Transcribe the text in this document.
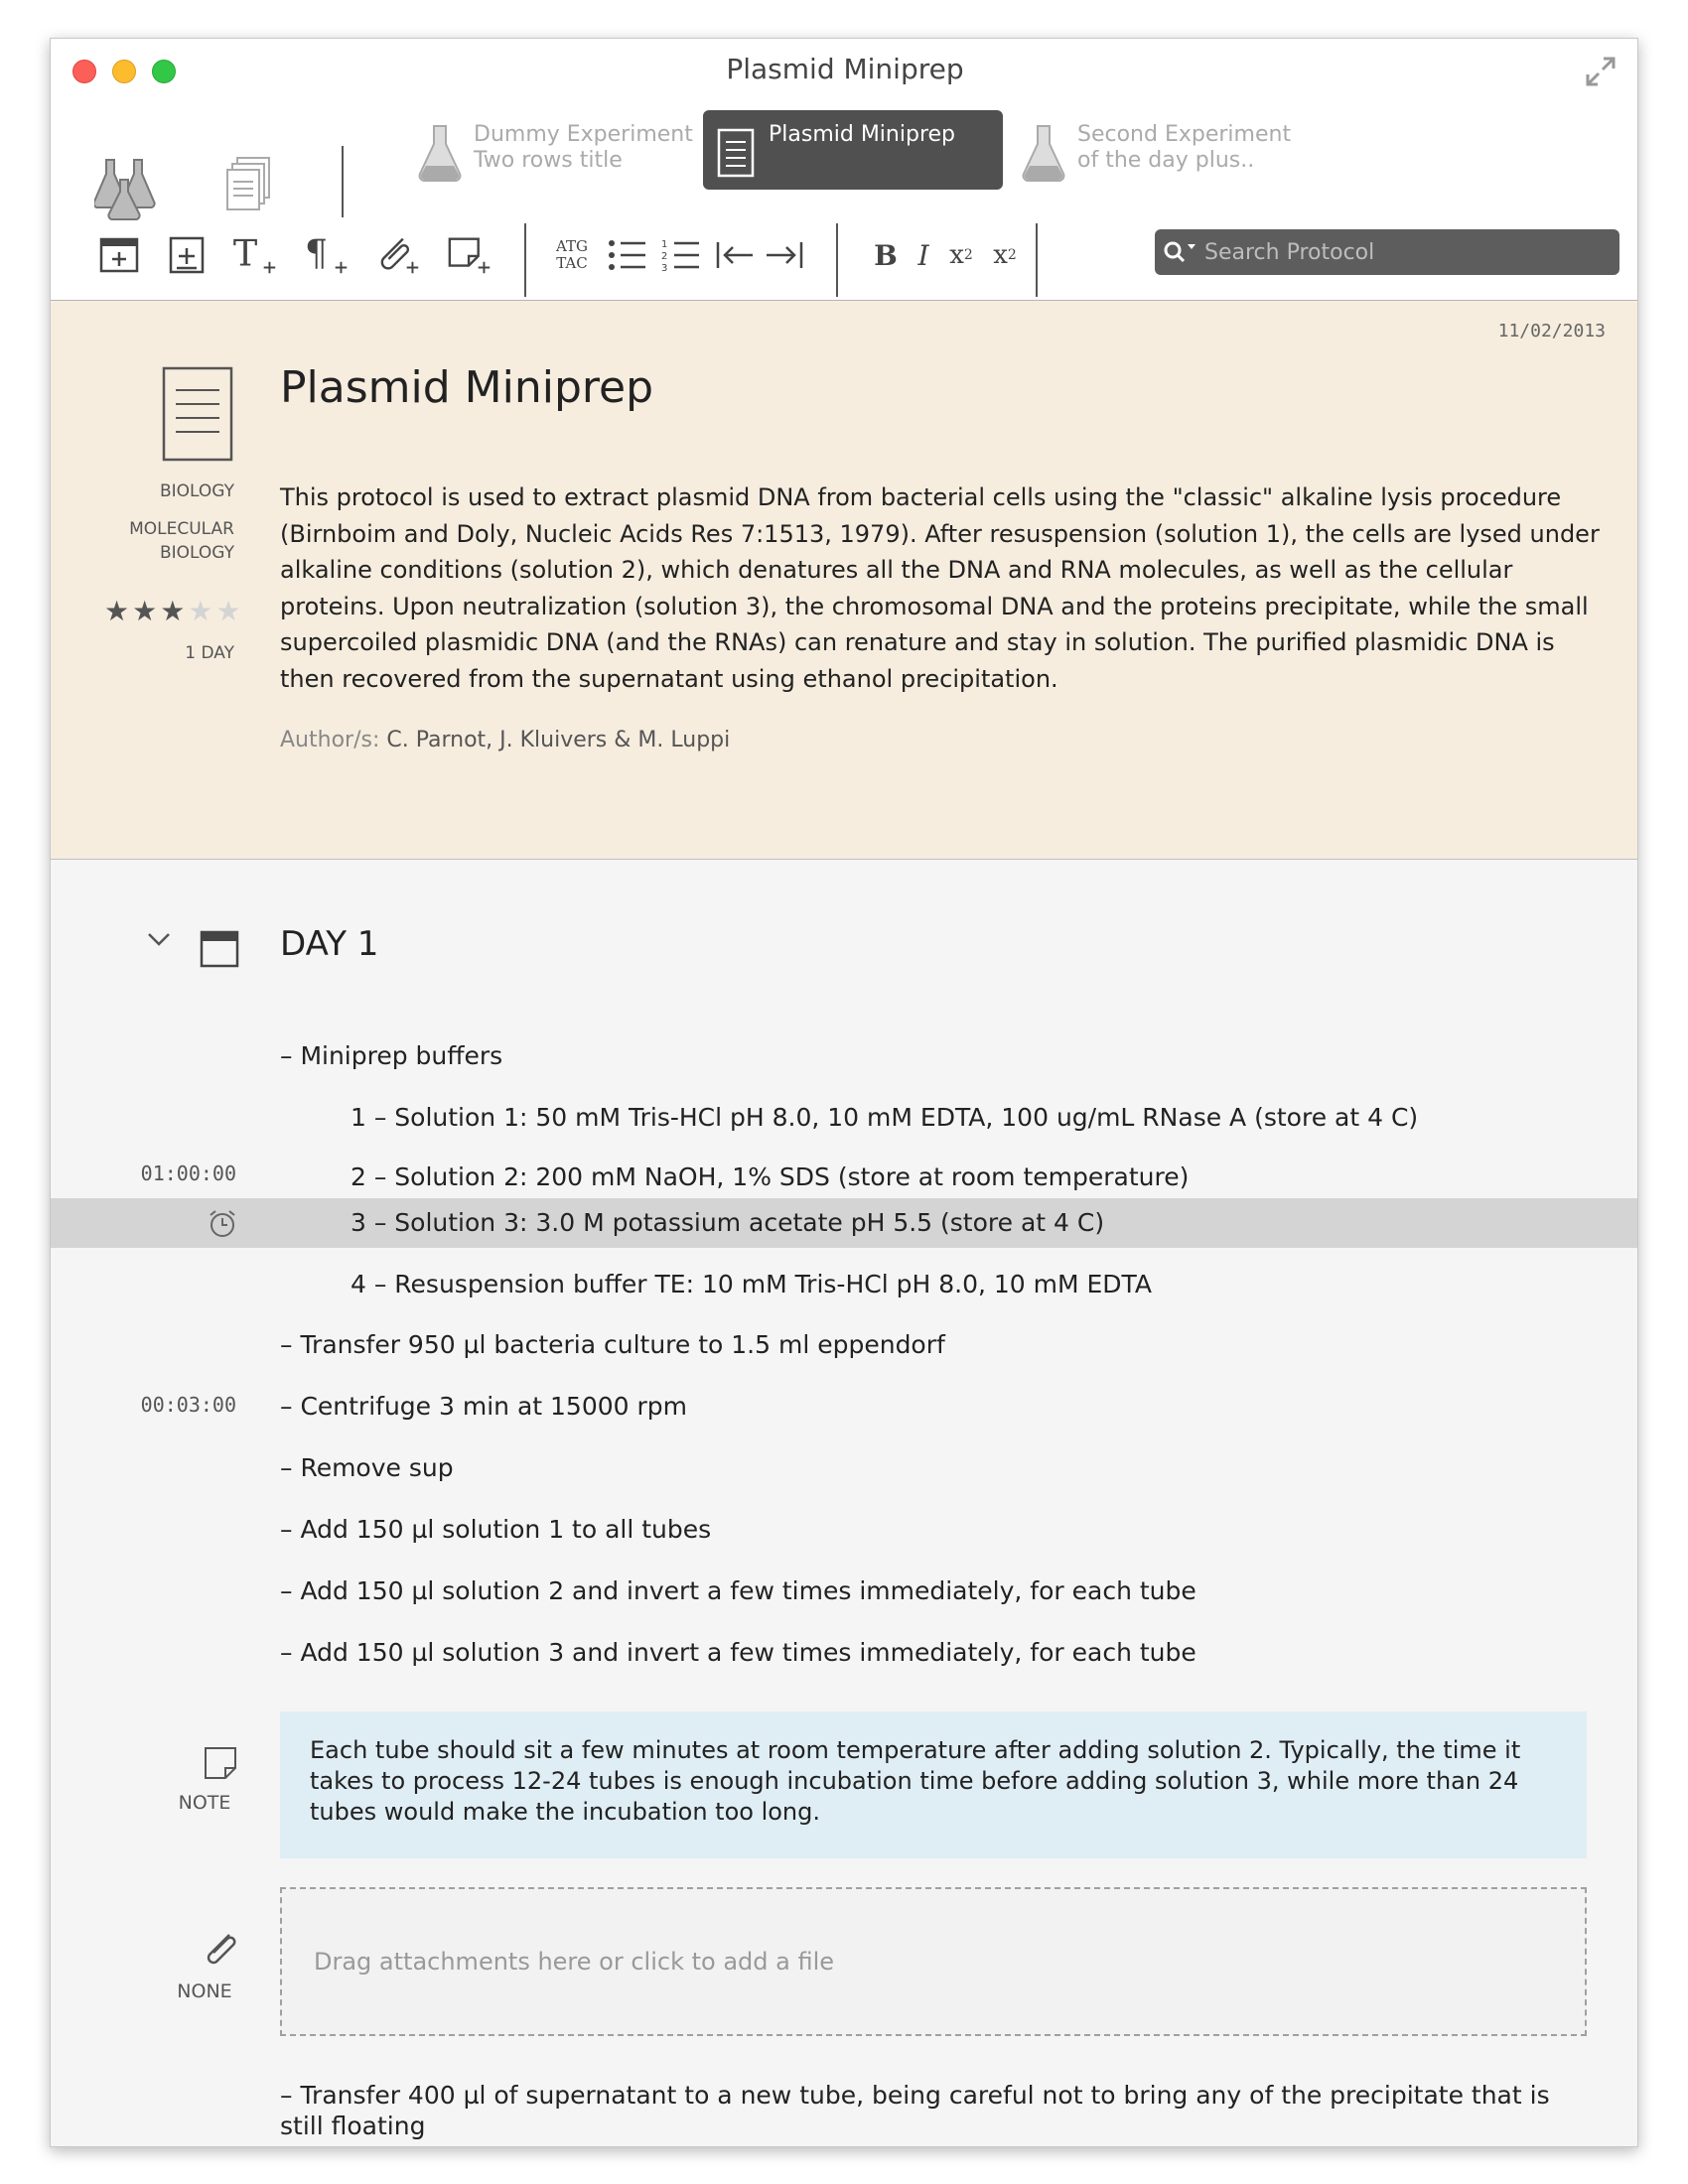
Plasmid Miniprep
Dummy Experiment
Two rows title
Plasmid Miniprep	Second Experiment
of the day plus..
T ¶	ATG
TAC
1
2
3	B I x 2 x 2
Search Protocol
11/02/2013
BIOLOGY
MOLECULAR
BIOLOGY
★★★★★
1 DAY
Plasmid Miniprep
This protocol is used to extract plasmid DNA from bacterial cells using the "classic" alkaline lysis procedure (Birnboim and Doly, Nucleic Acids Res 7:1513, 1979). After resuspension (solution 1), the cells are lysed under alkaline conditions (solution 2), which denatures all the DNA and RNA molecules, as well as the cellular proteins. Upon neutralization (solution 3), the chromosomal DNA and the proteins precipitate, while the small supercoiled plasmidic DNA (and the RNAs) can renature and stay in solution. The purified plasmidic DNA is then recovered from the supernatant using ethanol precipitation.
Author/s: C. Parnot, J. Kluivers & M. Luppi
DAY 1
– Miniprep buffers
1 – Solution 1: 50 mM Tris-HCl pH 8.0, 10 mM EDTA, 100 ug/mL RNase A (store at 4 C)
01:00:00	2 – Solution 2: 200 mM NaOH, 1% SDS (store at room temperature)
3 – Solution 3: 3.0 M potassium acetate pH 5.5 (store at 4 C)
4 – Resuspension buffer TE: 10 mM Tris-HCl pH 8.0, 10 mM EDTA
– Transfer 950 µl bacteria culture to 1.5 ml eppendorf
00:03:00 – Centrifuge 3 min at 15000 rpm
– Remove sup
– Add 150 µl solution 1 to all tubes
– Add 150 µl solution 2 and invert a few times immediately, for each tube
– Add 150 µl solution 3 and invert a few times immediately, for each tube
NOTE
Each tube should sit a few minutes at room temperature after adding solution 2. Typically, the time it takes to process 12-24 tubes is enough incubation time before adding solution 3, while more than 24 tubes would make the incubation too long.
NONE
Drag attachments here or click to add a file
– Transfer 400 µl of supernatant to a new tube, being careful not to bring any of the precipitate that is still floating
